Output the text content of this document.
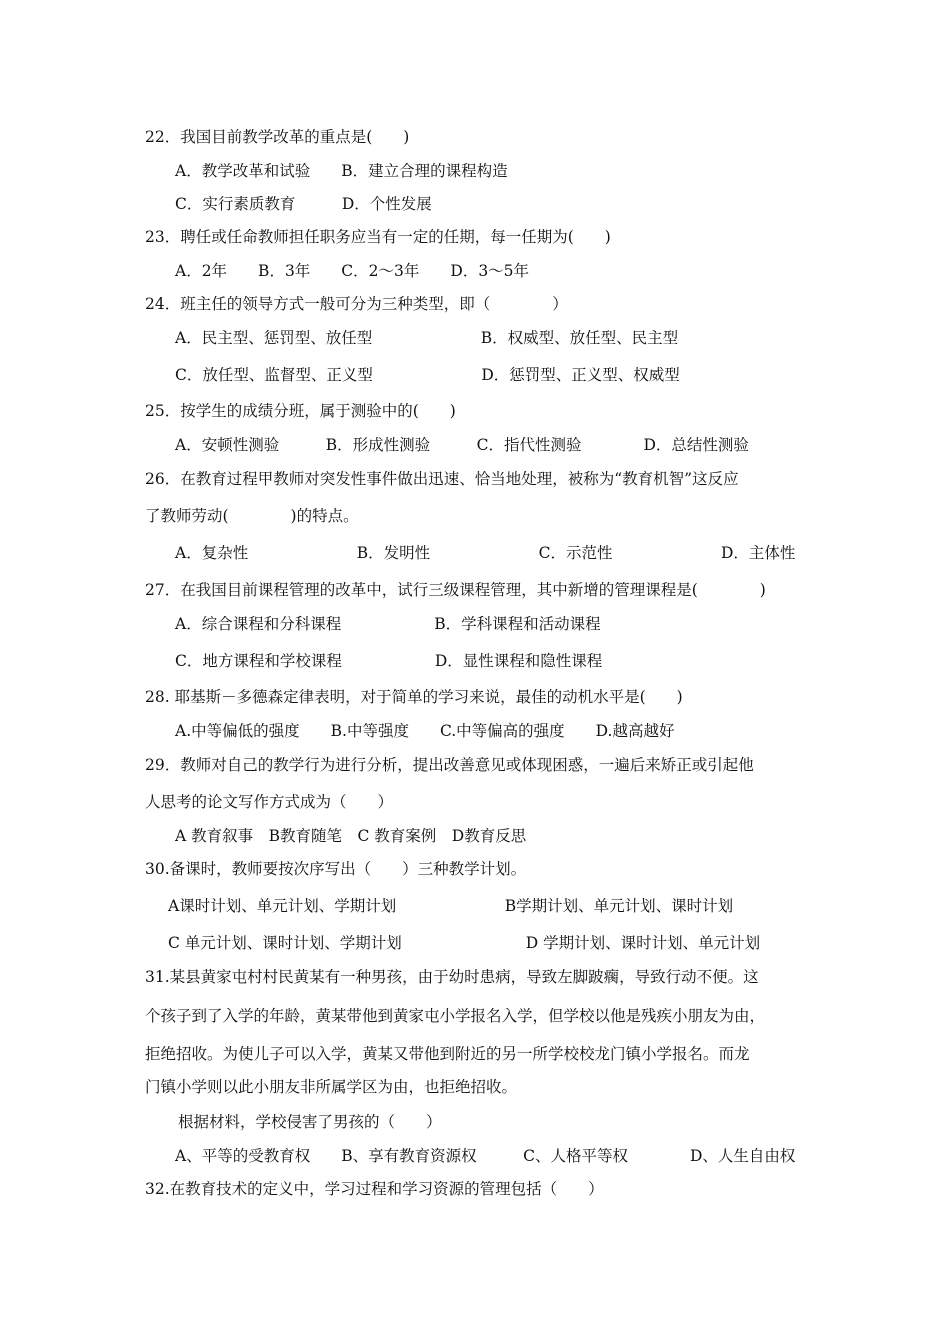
22．我国目前教学改革的重点是(　　)
A．教学改革和试验　　B．建立合理的课程构造
C．实行素质教育　　　D．个性发展
23．聘任或任命教师担任职务应当有一定的任期，每一任期为(　　)
A．2年　　B．3年　　C．2～3年　　D．3～5年
24．班主任的领导方式一般可分为三种类型，即（　　　　）
A．民主型、惩罚型、放任型　　　　　　　B．权威型、放任型、民主型
C．放任型、监督型、正义型　　　　　　　D．惩罚型、正义型、权威型
25．按学生的成绩分班，属于测验中的(　　)
A．安顿性测验　　　B．形成性测验　　　C．指代性测验　　　　D．总结性测验
26．在教育过程甲教师对突发性事件做出迅速、恰当地处理，被称为“教育机智”这反应
了教师劳动(　　　　)的特点。
A．复杂性　　　　　　　B．发明性　　　　　　　C．示范性　　　　　　　D．主体性
27．在我国目前课程管理的改革中，试行三级课程管理，其中新增的管理课程是(　　　　)
A．综合课程和分科课程　　　　　　B．学科课程和活动课程
C．地方课程和学校课程　　　　　　D．显性课程和隐性课程
28. 耶基斯－多德森定律表明，对于简单的学习来说，最佳的动机水平是(　　)
A.中等偏低的强度　　B.中等强度　　C.中等偏高的强度　　D.越高越好
29．教师对自己的教学行为进行分析，提出改善意见或体现困惑，一遍后来矫正或引起他
人思考的论文写作方式成为（　　）
A 教育叙事　B教育随笔　C 教育案例　D教育反思
30.备课时，教师要按次序写出（　　）三种教学计划。
A课时计划、单元计划、学期计划　　　　　　　B学期计划、单元计划、课时计划
C 单元计划、课时计划、学期计划　　　　　　　　D 学期计划、课时计划、单元计划
31.某县黄家屯村村民黄某有一种男孩，由于幼时患病，导致左脚跛瘸，导致行动不便。这
个孩子到了入学的年龄，黄某带他到黄家屯小学报名入学，但学校以他是残疾小朋友为由，
拒绝招收。为使儿子可以入学，黄某又带他到附近的另一所学校校龙门镇小学报名。而龙
门镇小学则以此小朋友非所属学区为由，也拒绝招收。
根据材料，学校侵害了男孩的（　　）
A、平等的受教育权　　B、享有教育资源权　　　C、人格平等权　　　　D、人生自由权
32.在教育技术的定义中，学习过程和学习资源的管理包括（　　）
